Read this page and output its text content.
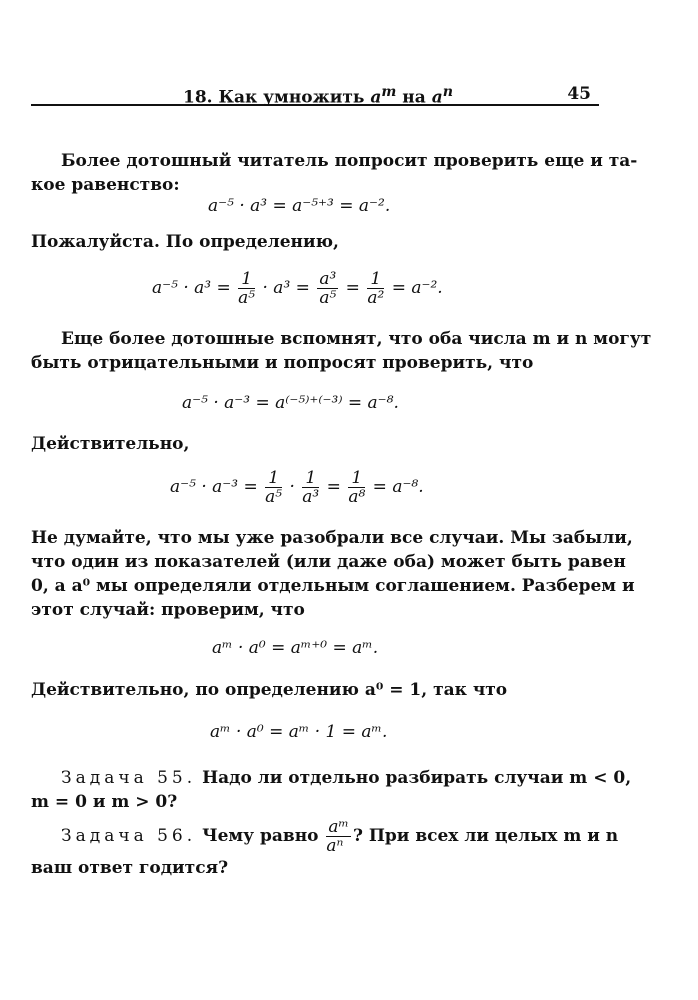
18. Как умножить $a^m$ на $a^n$	45
Более дотошный читатель попросит проверить еще и та-
кое равенство:
a⁻⁵ · a³ = a⁻⁵⁺³ = a⁻².
Пожалуйста. По определению,
$a^{-5} \cdot a^3 = \frac{1}{\text{a⁵}} \cdot a^3 = \frac{\text{a³}}{\text{a⁵}} = \frac{1}{\text{a²}} = a^{-2}$.
Еще более дотошные вспомнят, что оба числа m и n могут
быть отрицательными и попросят проверить, что
a⁻⁵ · a⁻³ = a⁽⁻⁵⁾⁺⁽⁻³⁾ = a⁻⁸.
Действительно,
$a^{-5} \cdot a^{-3} = \frac{1}{\text{a⁵}} \cdot \frac{1}{\text{a³}} = \frac{1}{\text{a⁸}} = a^{-8}$.
Не думайте, что мы уже разобрали все случаи. Мы забыли,
что один из показателей (или даже оба) может быть равен
0, а a⁰ мы определяли отдельным соглашением. Разберем и
этот случай: проверим, что
aᵐ · a⁰ = aᵐ⁺⁰ = aᵐ.
Действительно, по определению a⁰ = 1, так что
aᵐ · a⁰ = aᵐ · 1 = aᵐ.
Задача 55. Надо ли отдельно разбирать случаи m < 0,
m = 0 и m > 0?
Задача 56. Чему равно $\frac{\text{aᵐ}}{\text{aⁿ}}$ ? При всех ли целых m и n
ваш ответ годится?
